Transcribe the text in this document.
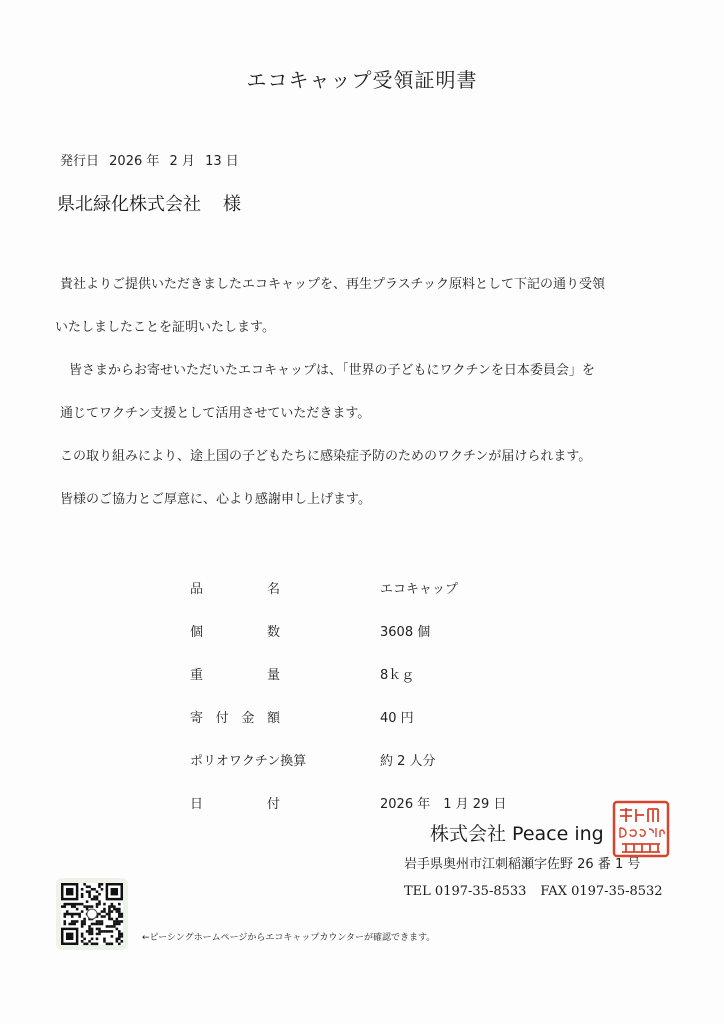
エコキャップ受領証明書
発行日 2026 年 2 月 13 日
県北緑化株式会社 様

貴社よりご提供いただきましたエコキャップを、再生プラスチック原料として下記の通り受領

いたしましたことを証明いたします。

皆さまからお寄せいただいたエコキャップは、「世界の子どもにワクチンを日本委員会」を

通じてワクチン支援として活用させていただきます。

この取り組みにより、途上国の子どもたちに感染症予防のためのワクチンが届けられます。

皆様のご協力とご厚意に、心より感謝申し上げます。

品	名	エコキャップ
個	数	3608 個
重	量	8ｋｇ
寄 付 金 額	40 円
ポリオワクチン換算	約 2 人分
日	付	2026 年　1 月 29 日
株式会社 Peace ing
岩手県奥州市江刺稲瀬字佐野 26 番 1 号
TEL 0197-35-8533 FAX 0197-35-8532
←ピーシングホームページからエコキャップカウンターが確認できます。
